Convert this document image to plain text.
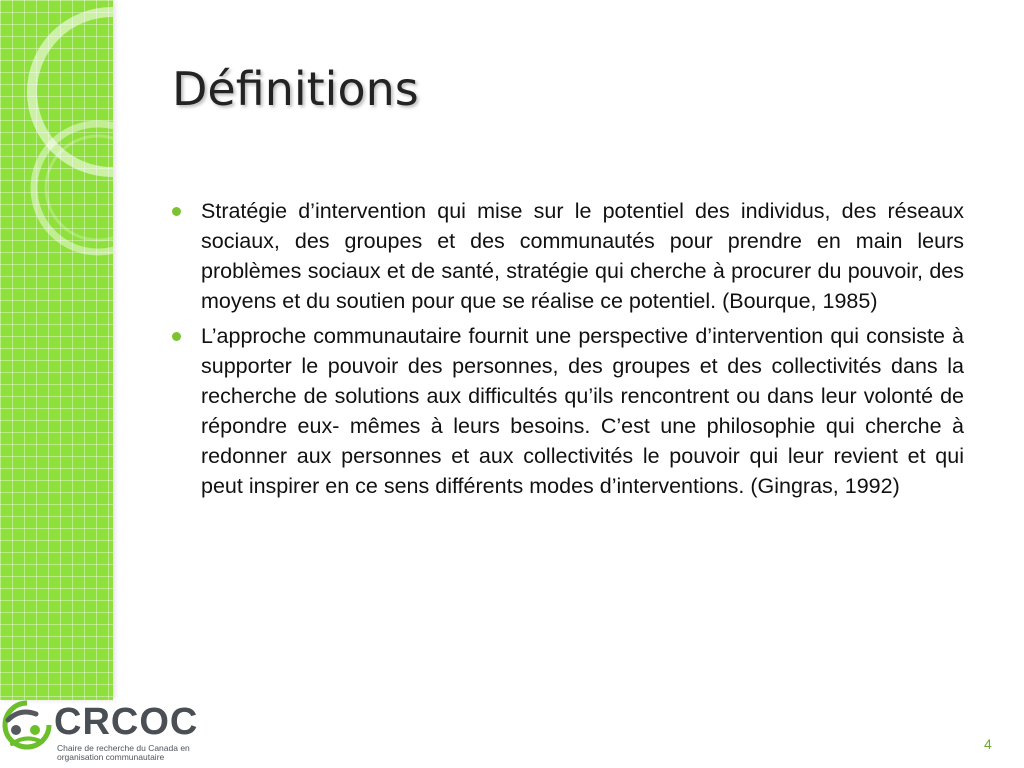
Définitions
Stratégie d’intervention qui mise sur le potentiel des individus, des réseaux sociaux, des groupes et des communautés pour prendre en main leurs problèmes sociaux et de santé, stratégie qui cherche à procurer du pouvoir, des moyens et du soutien pour que se réalise ce potentiel. (Bourque, 1985)
L’approche communautaire fournit une perspective d’intervention qui consiste à supporter le pouvoir des personnes, des groupes et des collectivités dans la recherche de solutions aux difficultés qu’ils rencontrent ou dans leur volonté de répondre eux- mêmes à leurs besoins. C’est une philosophie qui cherche à redonner aux personnes et aux collectivités le pouvoir qui leur revient et qui peut inspirer en ce sens différents modes d’interventions. (Gingras, 1992)
CRCOC
Chaire de recherche du Canada en organisation communautaire
4
